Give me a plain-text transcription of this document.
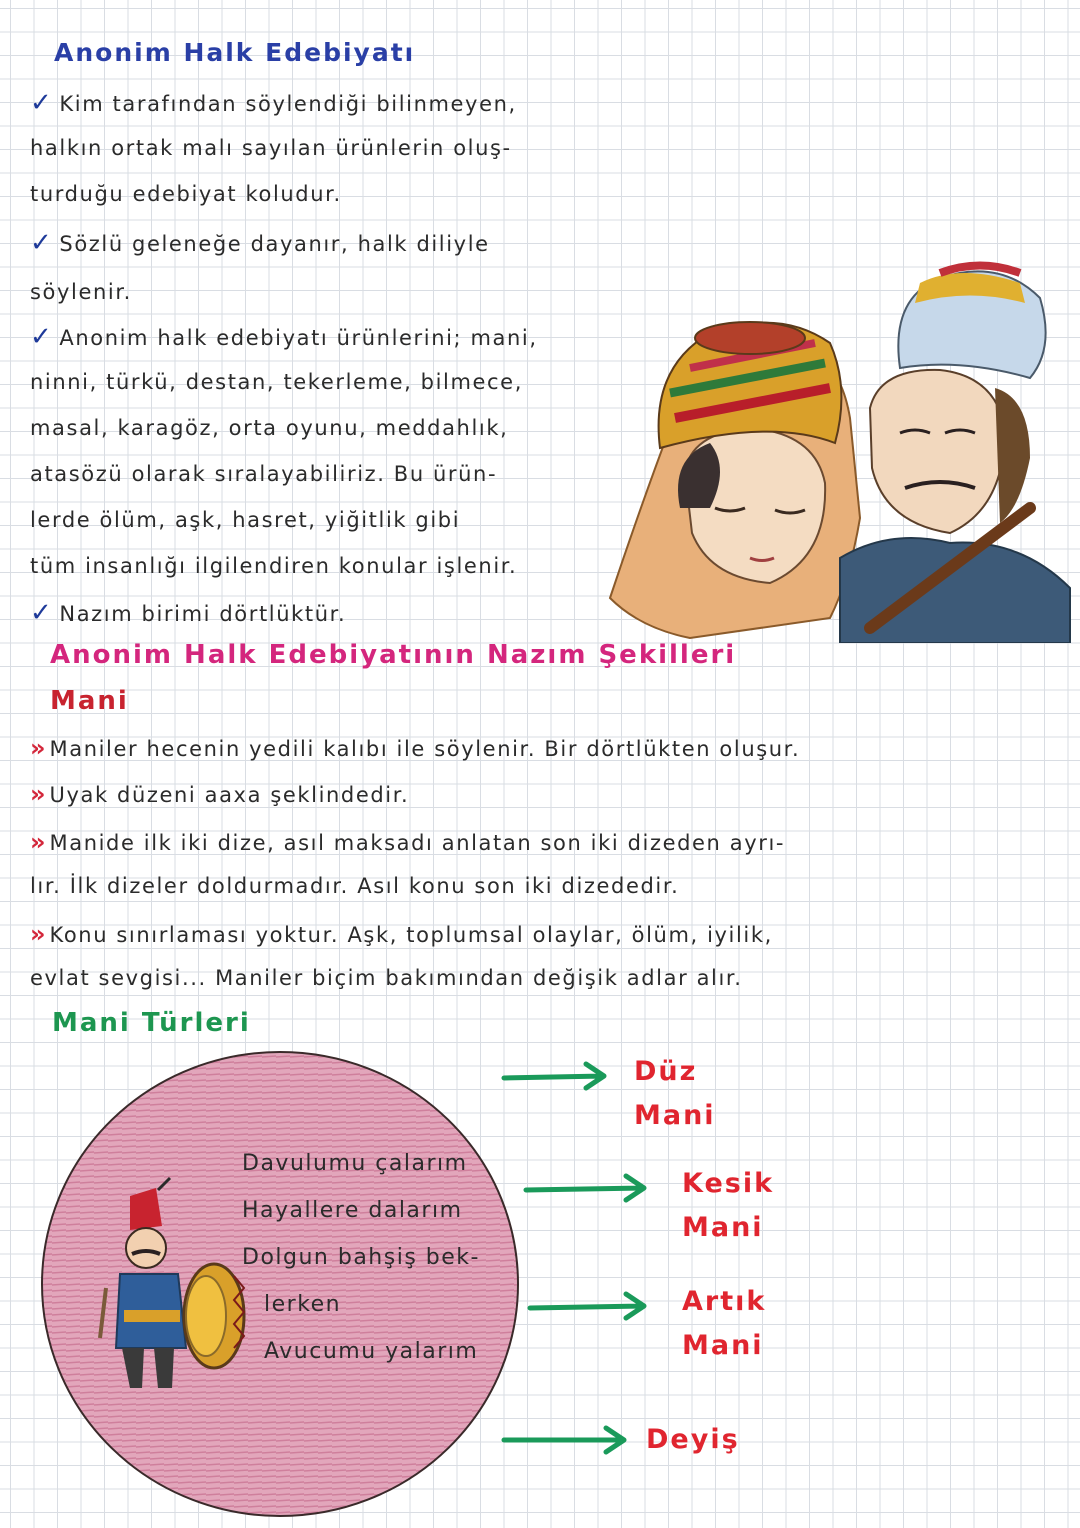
Anonim Halk Edebiyatı
✓ Kim tarafından söylendiği bilinmeyen,
halkın ortak malı sayılan ürünlerin oluş-
turduğu edebiyat koludur.
✓ Sözlü geleneğe dayanır, halk diliyle
söylenir.
✓ Anonim halk edebiyatı ürünlerini; mani,
ninni, türkü, destan, tekerleme, bilmece,
masal, karagöz, orta oyunu, meddahlık,
atasözü olarak sıralayabiliriz. Bu ürün-
lerde ölüm, aşk, hasret, yiğitlik gibi
tüm insanlığı ilgilendiren konular işlenir.
✓ Nazım birimi dörtlüktür.
Anonim Halk Edebiyatının Nazım Şekilleri
Mani
» Maniler hecenin yedili kalıbı ile söylenir. Bir dörtlükten oluşur.
» Uyak düzeni aaxa şeklindedir.
» Manide ilk iki dize, asıl maksadı anlatan son iki dizeden ayrı-
lır. İlk dizeler doldurmadır. Asıl konu son iki dizededir.
» Konu sınırlaması yoktur. Aşk, toplumsal olaylar, ölüm, iyilik,
evlat sevgisi... Maniler biçim bakımından değişik adlar alır.
Mani Türleri
Davulumu çalarım
Hayallere dalarım
Dolgun bahşiş bek-
lerken
Avucumu yalarım
Düz
Mani
Kesik
Mani
Artık
Mani
Deyiş
